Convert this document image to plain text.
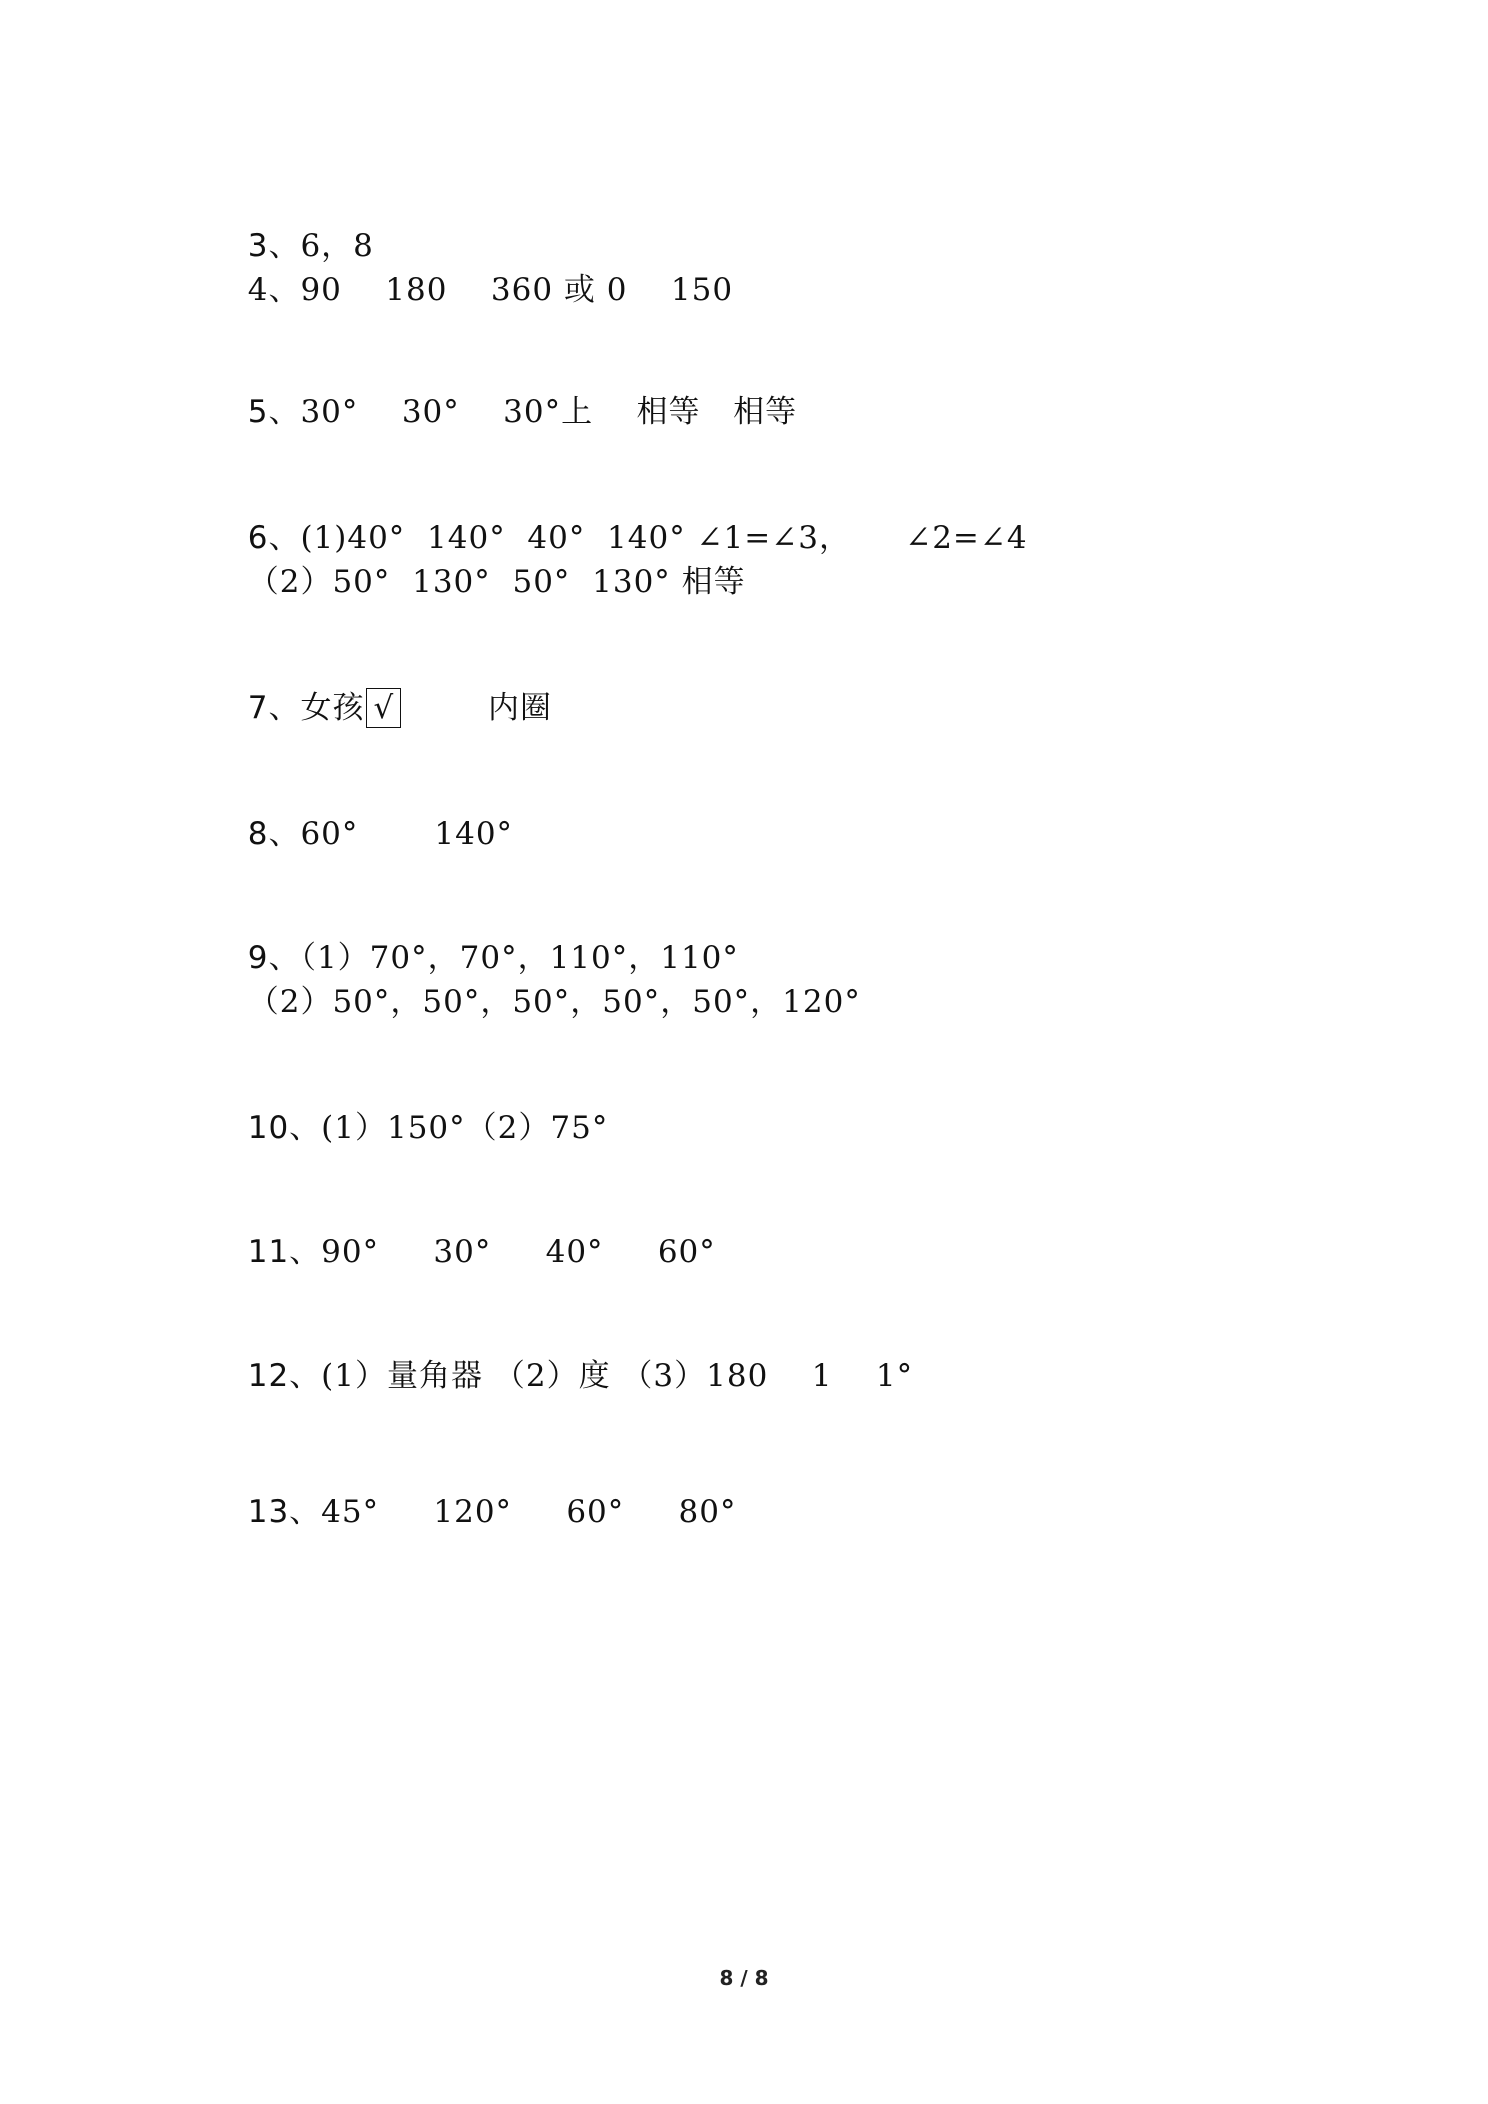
3、6，8

4、90    180    360 或 0    150

5、30°    30°    30°上    相等   相等

6、(1)40°  140°  40°  140° ∠1=∠3，     ∠2=∠4

（2）50°  130°  50°  130° 相等

7、女孩 √        内圈

8、60°       140°

9、（1）70°，70°，110°，110°

（2）50°，50°，50°，50°，50°，120°

10、(1）150°（2）75°

11、90°     30°     40°     60°

12、(1）量角器 （2）度 （3）180    1    1°

13、45°     120°     60°     80°

8 / 8
